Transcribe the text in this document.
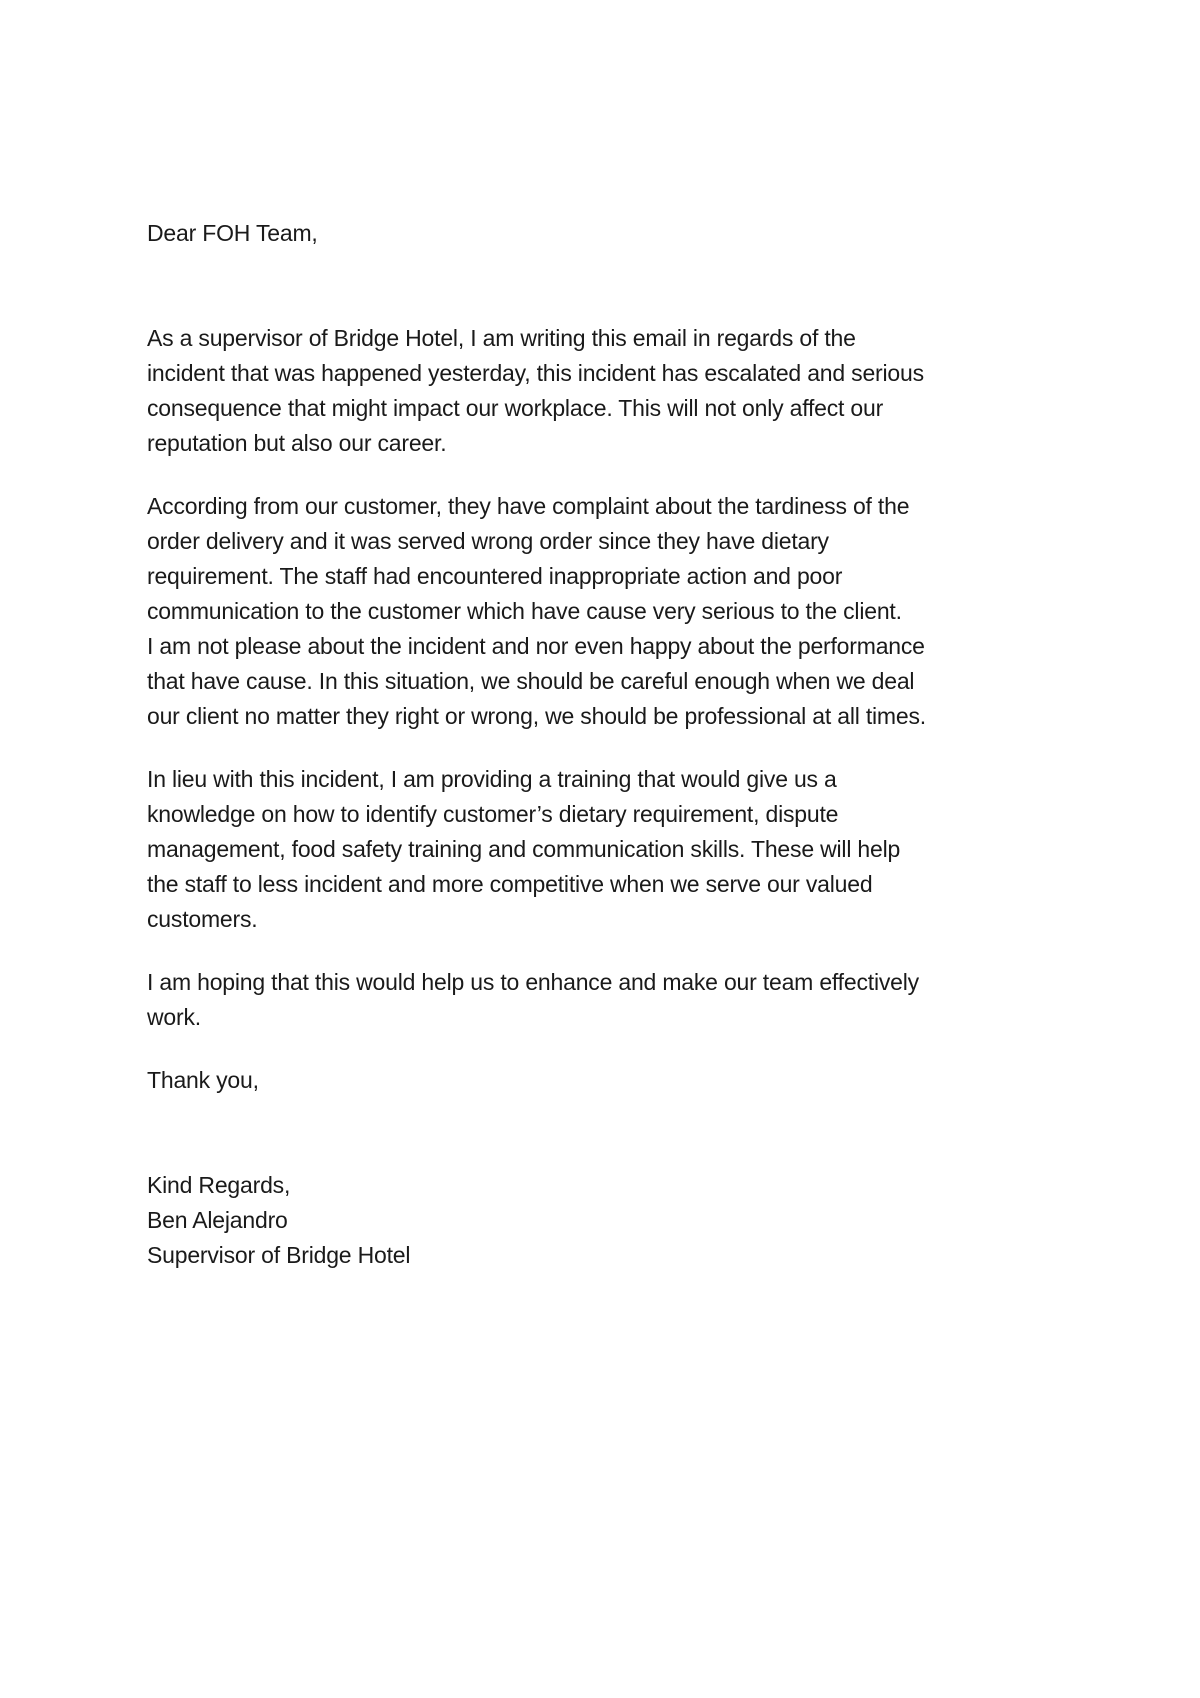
Dear FOH Team,
As a supervisor of Bridge Hotel, I am writing this email in regards of the
incident that was happened yesterday, this incident has escalated and serious
consequence that might impact our workplace. This will not only affect our
reputation but also our career.
According from our customer, they have complaint about the tardiness of the
order delivery and it was served wrong order since they have dietary
requirement. The staff had encountered inappropriate action and poor
communication to the customer which have cause very serious to the client.
I am not please about the incident and nor even happy about the performance
that have cause. In this situation, we should be careful enough when we deal
our client no matter they right or wrong, we should be professional at all times.
In lieu with this incident, I am providing a training that would give us a
knowledge on how to identify customer’s dietary requirement, dispute
management, food safety training and communication skills. These will help
the staff to less incident and more competitive when we serve our valued
customers.
I am hoping that this would help us to enhance and make our team effectively
work.
Thank you,
Kind Regards,
Ben Alejandro
Supervisor of Bridge Hotel
